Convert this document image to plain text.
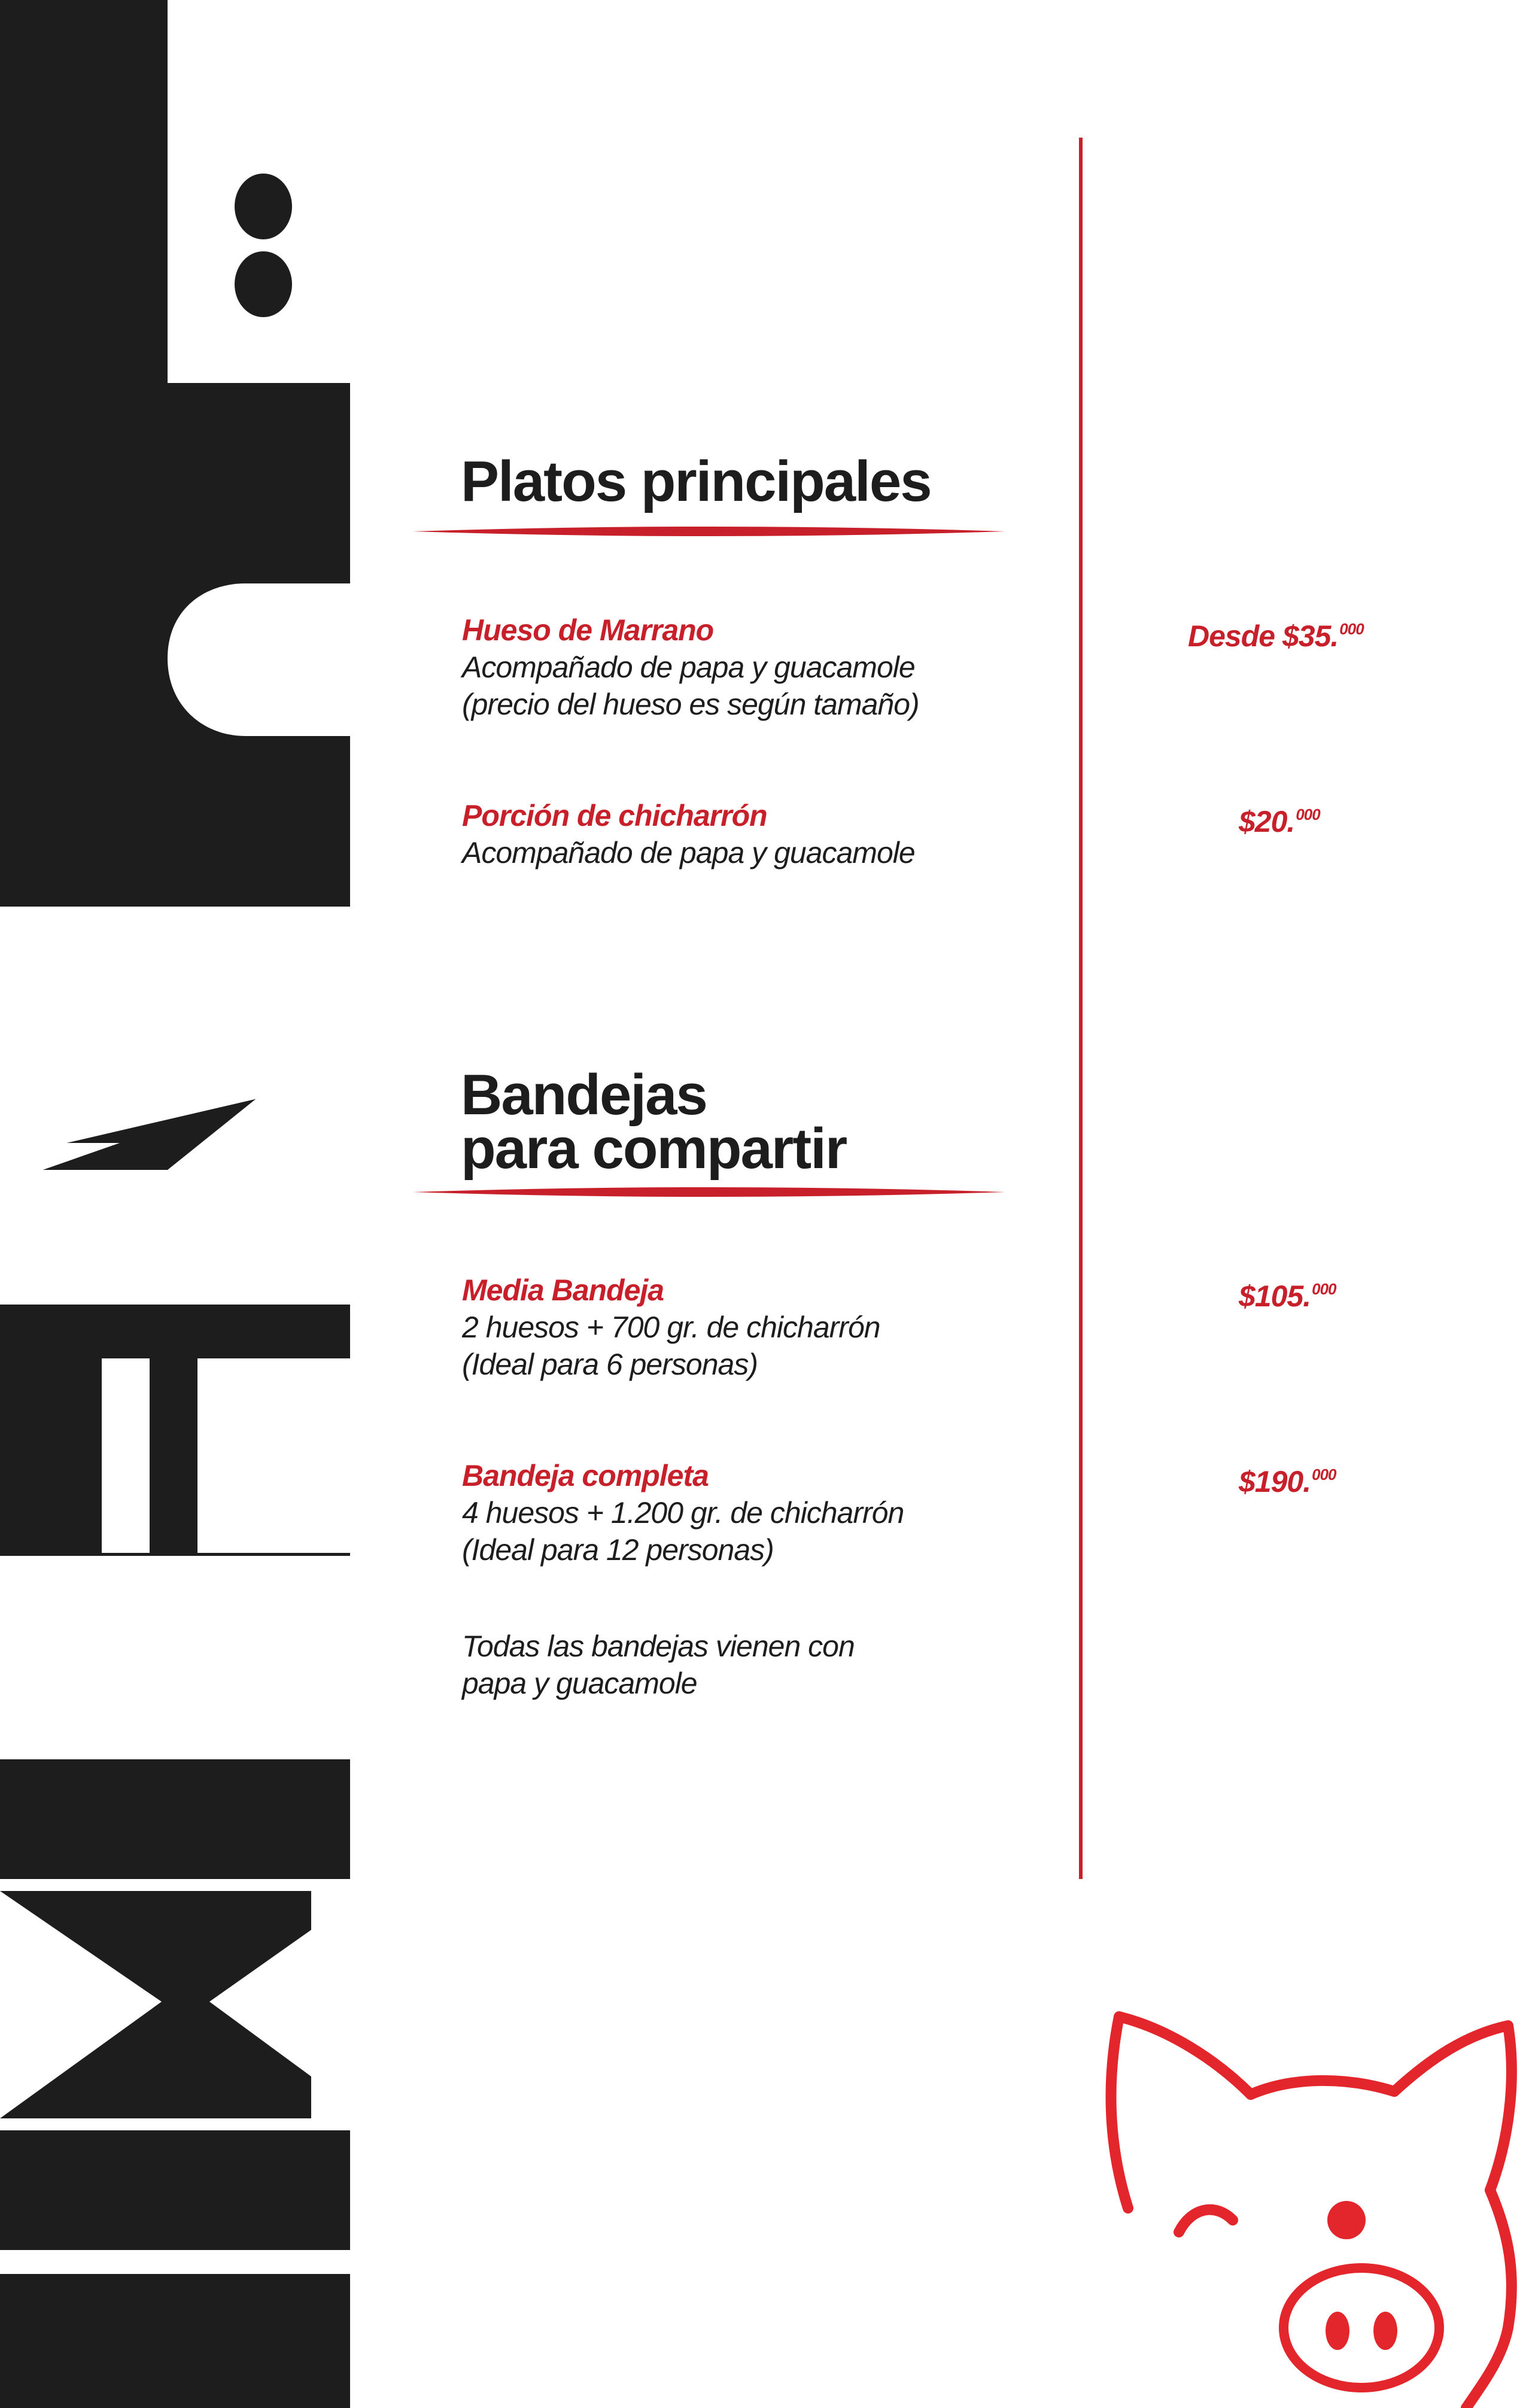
Platos principales
Hueso de Marrano
Acompañado de papa y guacamole
(precio del hueso es según tamaño)
Desde $35.$^{000}$
Porción de chicharrón
Acompañado de papa y guacamole
$20.$^{000}$
Bandejas
para compartir
Media Bandeja
2 huesos + 700 gr. de chicharrón
(Ideal para 6 personas)
$105.$^{000}$
Bandeja completa
4 huesos + 1.200 gr. de chicharrón
(Ideal para 12 personas)
$190.$^{000}$
Todas las bandejas vienen con
papa y guacamole
